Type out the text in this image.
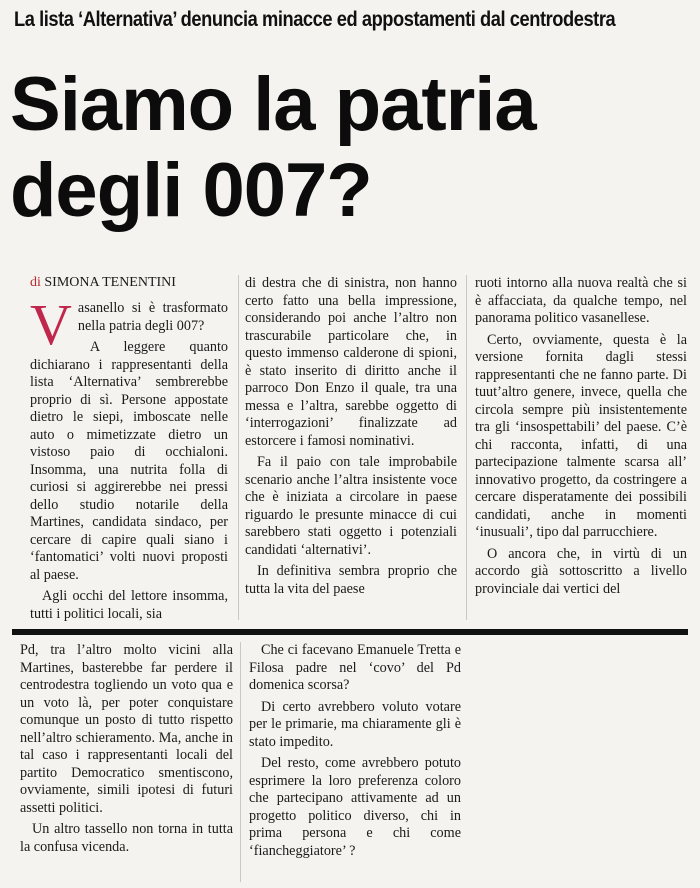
La lista ‘Alternativa’ denuncia minacce ed appostamenti dal centrodestra
Siamo la patria
degli 007?
di SIMONA TENENTINI

Vasanello si è trasformato nella patria degli 007?

A leggere quanto dichiarano i rappresentanti della lista ‘Alternativa’ sembrerebbe proprio di sì. Persone appostate dietro le siepi, imboscate nelle auto o mimetizzate dietro un vistoso paio di occhialoni. Insomma, una nutrita folla di curiosi si aggirerebbe nei pressi dello studio notarile della Martines, candidata sindaco, per cercare di capire quali siano i ‘fantomatici’ volti nuovi proposti al paese.

Agli occhi del lettore insomma, tutti i politici locali, sia

di destra che di sinistra, non hanno certo fatto una bella impressione, considerando poi anche l’altro non trascurabile particolare che, in questo immenso calderone di spioni, è stato inserito di diritto anche il parroco Don Enzo il quale, tra una messa e l’altra, sarebbe oggetto di ‘interrogazioni’ finalizzate ad estorcere i famosi nominativi.

Fa il paio con tale improbabile scenario anche l’altra insistente voce che è iniziata a circolare in paese riguardo le presunte minacce di cui sarebbero stati oggetto i potenziali candidati ‘alternativi’.

In definitiva sembra proprio che tutta la vita del paese

ruoti intorno alla nuova realtà che si è affacciata, da qualche tempo, nel panorama politico vasanellese.

Certo, ovviamente, questa è la versione fornita dagli stessi rappresentanti che ne fanno parte. Di tuut’altro genere, invece, quella che circola sempre più insistentemente tra gli ‘insospettabili’ del paese. C’è chi racconta, infatti, di una partecipazione talmente scarsa all’ innovativo progetto, da costringere a cercare disperatamente dei possibili candidati, anche in momenti ‘inusuali’, tipo dal parrucchiere.

O ancora che, in virtù di un accordo già sottoscritto a livello provinciale dai vertici del

Pd, tra l’altro molto vicini alla Martines, basterebbe far perdere il centrodestra togliendo un voto qua e un voto là, per poter conquistare comunque un posto di tutto rispetto nell’altro schieramento. Ma, anche in tal caso i rappresentanti locali del partito Democratico smentiscono, ovviamente, simili ipotesi di futuri assetti politici.

Un altro tassello non torna in tutta la confusa vicenda.

Che ci facevano Emanuele Tretta e Filosa padre nel ‘covo’ del Pd domenica scorsa?

Di certo avrebbero voluto votare per le primarie, ma chiaramente gli è stato impedito.

Del resto, come avrebbero potuto esprimere la loro preferenza coloro che partecipano attivamente ad un progetto politico diverso, chi in prima persona e chi come ‘fiancheggiatore’ ?
